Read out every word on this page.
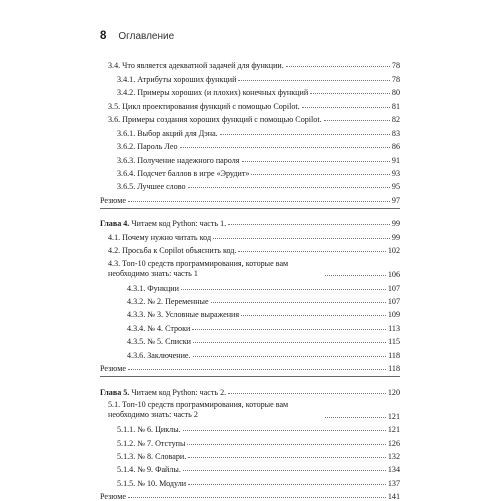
8 Оглавление
3.4. Что является адекватной задачей для функции.	78
3.4.1. Атрибуты хороших функций	78
3.4.2. Примеры хороших (и плохих) конечных функций	80
3.5. Цикл проектирования функций с помощью Copilot.	81
3.6. Примеры создания хороших функций с помощью Copilot.	82
3.6.1. Выбор акций для Дэна.	83
3.6.2. Пароль Лео	86
3.6.3. Получение надежного пароля	91
3.6.4. Подсчет баллов в игре «Эрудит»	93
3.6.5. Лучшее слово	95
Резюме	97
Глава 4. Читаем код Python: часть 1.	99
4.1. Почему нужно читать код	99
4.2. Просьба к Copilot объяснить код.	102
4.3. Топ-10 средств программирования, которые вам необходимо знать: часть 1	106
4.3.1. Функции	107
4.3.2. № 2. Переменные	107
4.3.3. № 3. Условные выражения	109
4.3.4. № 4. Строки	113
4.3.5. № 5. Списки	115
4.3.6. Заключение.	118
Резюме	118
Глава 5. Читаем код Python: часть 2.	120
5.1. Топ-10 средств программирования, которые вам необходимо знать: часть 2	121
5.1.1. № 6. Циклы.	121
5.1.2. № 7. Отступы	126
5.1.3. № 8. Словари.	132
5.1.4. № 9. Файлы.	134
5.1.5. № 10. Модули	137
Резюме	141
